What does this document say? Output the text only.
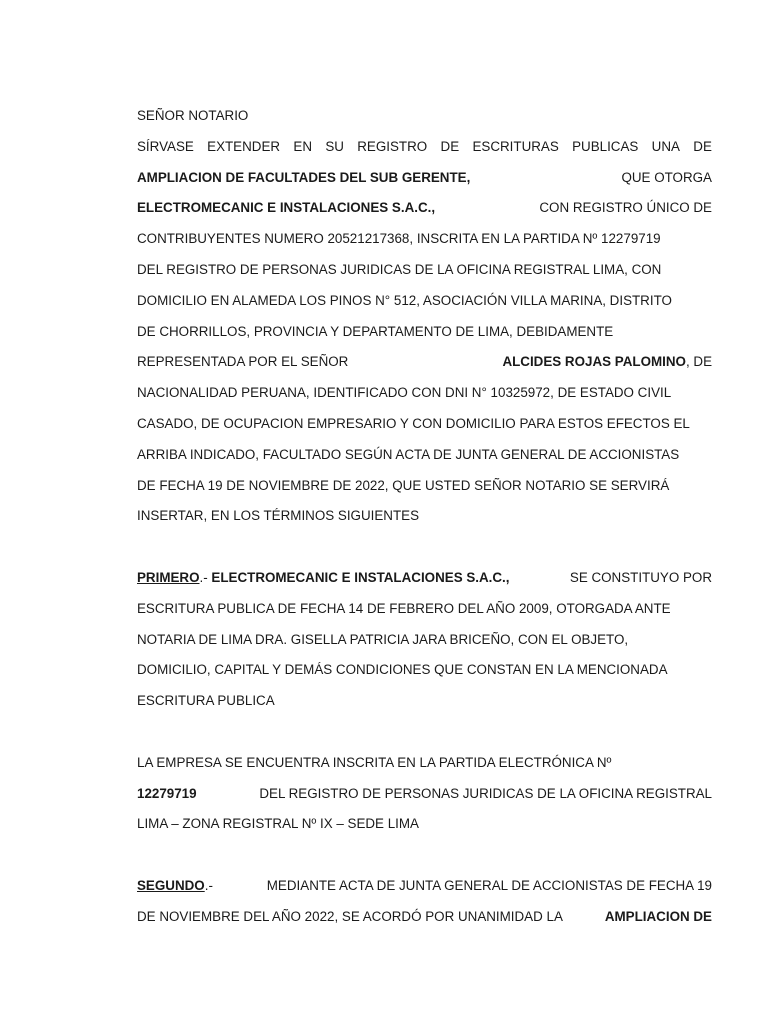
SEÑOR NOTARIO
SÍRVASE EXTENDER EN SU REGISTRO DE ESCRITURAS PUBLICAS UNA DE
AMPLIACION DE FACULTADES DEL SUB GERENTE,	QUE OTORGA
ELECTROMECANIC E INSTALACIONES S.A.C.,	CON REGISTRO ÚNICO DE
CONTRIBUYENTES NUMERO 20521217368, INSCRITA EN LA PARTIDA Nº 12279719
DEL REGISTRO DE PERSONAS JURIDICAS DE LA OFICINA REGISTRAL LIMA, CON
DOMICILIO EN ALAMEDA LOS PINOS N° 512, ASOCIACIÓN VILLA MARINA, DISTRITO
DE CHORRILLOS, PROVINCIA Y DEPARTAMENTO DE LIMA, DEBIDAMENTE
REPRESENTADA POR EL SEÑOR	ALCIDES ROJAS PALOMINO, DE
NACIONALIDAD PERUANA, IDENTIFICADO CON DNI N° 10325972, DE ESTADO CIVIL
CASADO, DE OCUPACION EMPRESARIO Y CON DOMICILIO PARA ESTOS EFECTOS EL
ARRIBA INDICADO, FACULTADO SEGÚN ACTA DE JUNTA GENERAL DE ACCIONISTAS
DE FECHA 19 DE NOVIEMBRE DE 2022, QUE USTED SEÑOR NOTARIO SE SERVIRÁ
INSERTAR, EN LOS TÉRMINOS SIGUIENTES
PRIMERO.- ELECTROMECANIC E INSTALACIONES S.A.C.,	SE CONSTITUYO POR
ESCRITURA PUBLICA DE FECHA 14 DE FEBRERO DEL AÑO 2009, OTORGADA ANTE
NOTARIA DE LIMA DRA. GISELLA PATRICIA JARA BRICEÑO, CON EL OBJETO,
DOMICILIO, CAPITAL Y DEMÁS CONDICIONES QUE CONSTAN EN LA MENCIONADA
ESCRITURA PUBLICA
LA EMPRESA SE ENCUENTRA INSCRITA EN LA PARTIDA ELECTRÓNICA Nº
12279719	DEL REGISTRO DE PERSONAS JURIDICAS DE LA OFICINA REGISTRAL
LIMA – ZONA REGISTRAL Nº IX – SEDE LIMA
SEGUNDO.-	MEDIANTE ACTA DE JUNTA GENERAL DE ACCIONISTAS DE FECHA 19
DE NOVIEMBRE DEL AÑO 2022, SE ACORDÓ POR UNANIMIDAD LA	AMPLIACION DE
